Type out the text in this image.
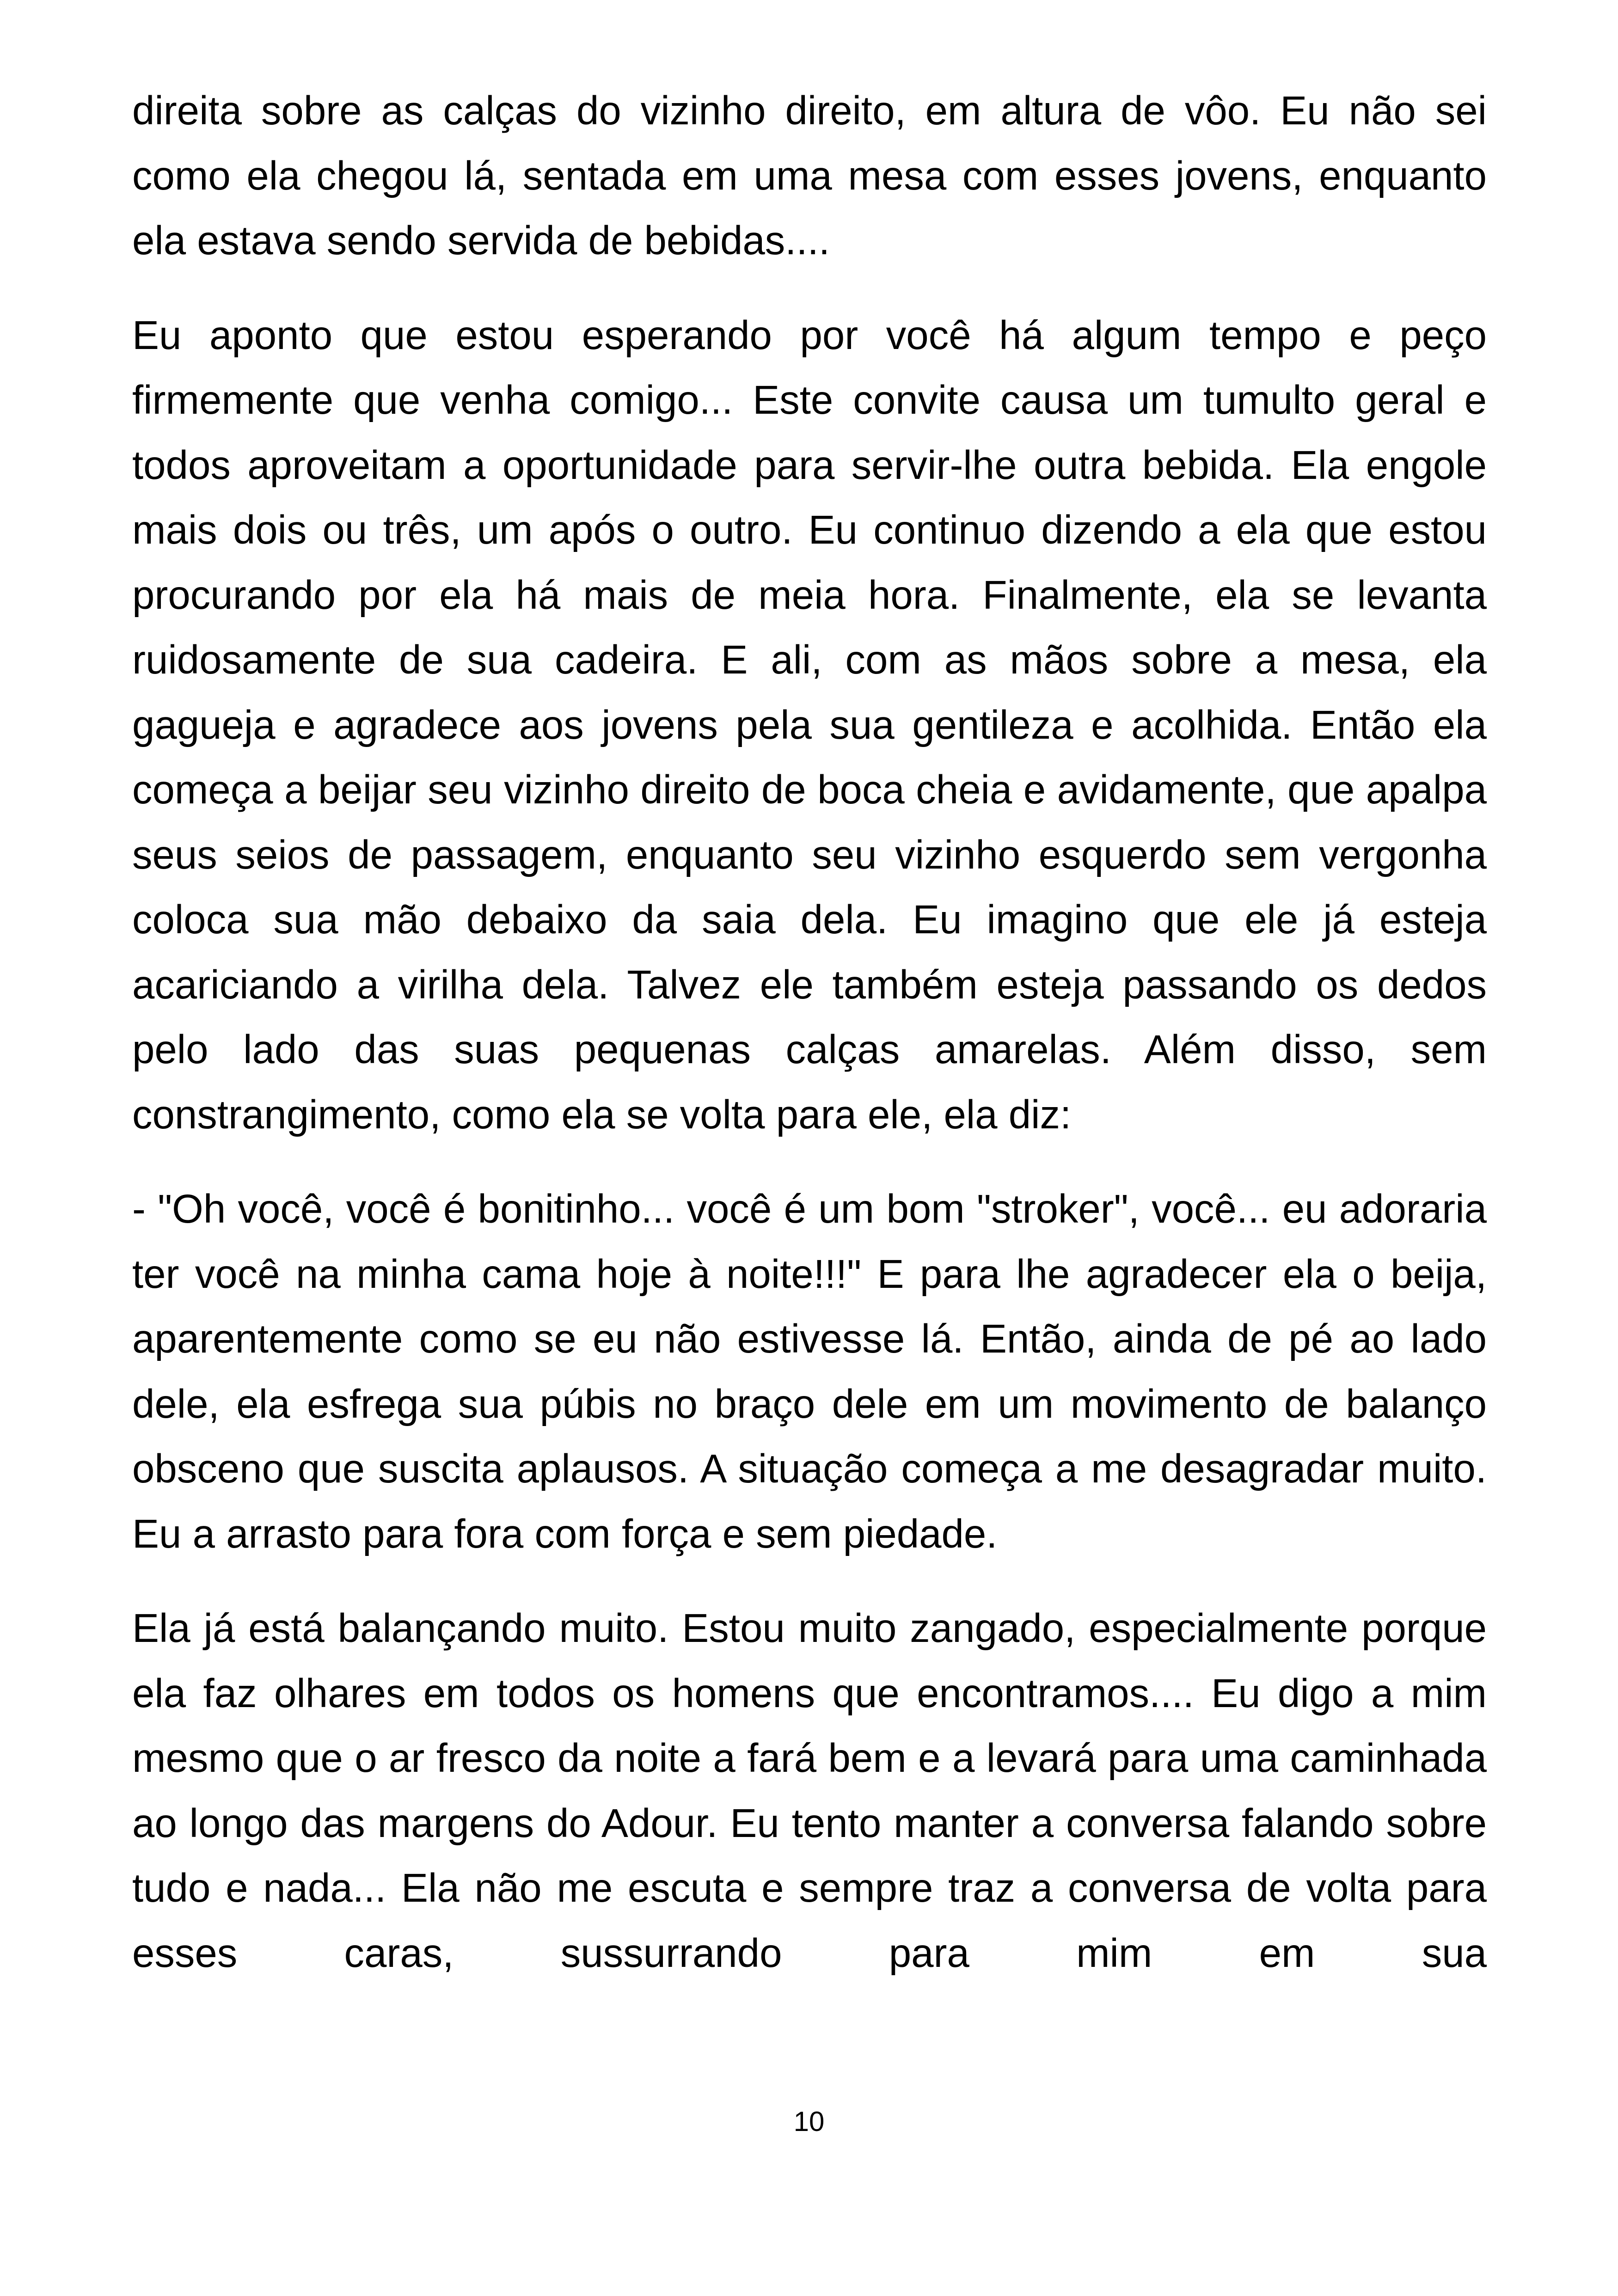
direita sobre as calças do vizinho direito, em altura de vôo. Eu não sei como ela chegou lá, sentada em uma mesa com esses jovens, enquanto ela estava sendo servida de bebidas....

Eu aponto que estou esperando por você há algum tempo e peço firmemente que venha comigo... Este convite causa um tumulto geral e todos aproveitam a oportunidade para servir-lhe outra bebida. Ela engole mais dois ou três, um após o outro. Eu continuo dizendo a ela que estou procurando por ela há mais de meia hora. Finalmente, ela se levanta ruidosamente de sua cadeira. E ali, com as mãos sobre a mesa, ela gagueja e agradece aos jovens pela sua gentileza e acolhida. Então ela começa a beijar seu vizinho direito de boca cheia e avidamente, que apalpa seus seios de passagem, enquanto seu vizinho esquerdo sem vergonha coloca sua mão debaixo da saia dela. Eu imagino que ele já esteja acariciando a virilha dela. Talvez ele também esteja passando os dedos pelo lado das suas pequenas calças amarelas. Além disso, sem constrangimento, como ela se volta para ele, ela diz:

- "Oh você, você é bonitinho... você é um bom "stroker", você... eu adoraria ter você na minha cama hoje à noite!!!" E para lhe agradecer ela o beija, aparentemente como se eu não estivesse lá. Então, ainda de pé ao lado dele, ela esfrega sua púbis no braço dele em um movimento de balanço obsceno que suscita aplausos. A situação começa a me desagradar muito. Eu a arrasto para fora com força e sem piedade.

Ela já está balançando muito. Estou muito zangado, especialmente porque ela faz olhares em todos os homens que encontramos.... Eu digo a mim mesmo que o ar fresco da noite a fará bem e a levará para uma caminhada ao longo das margens do Adour. Eu tento manter a conversa falando sobre tudo e nada... Ela não me escuta e sempre traz a conversa de volta para esses caras, sussurrando para mim em sua

10
